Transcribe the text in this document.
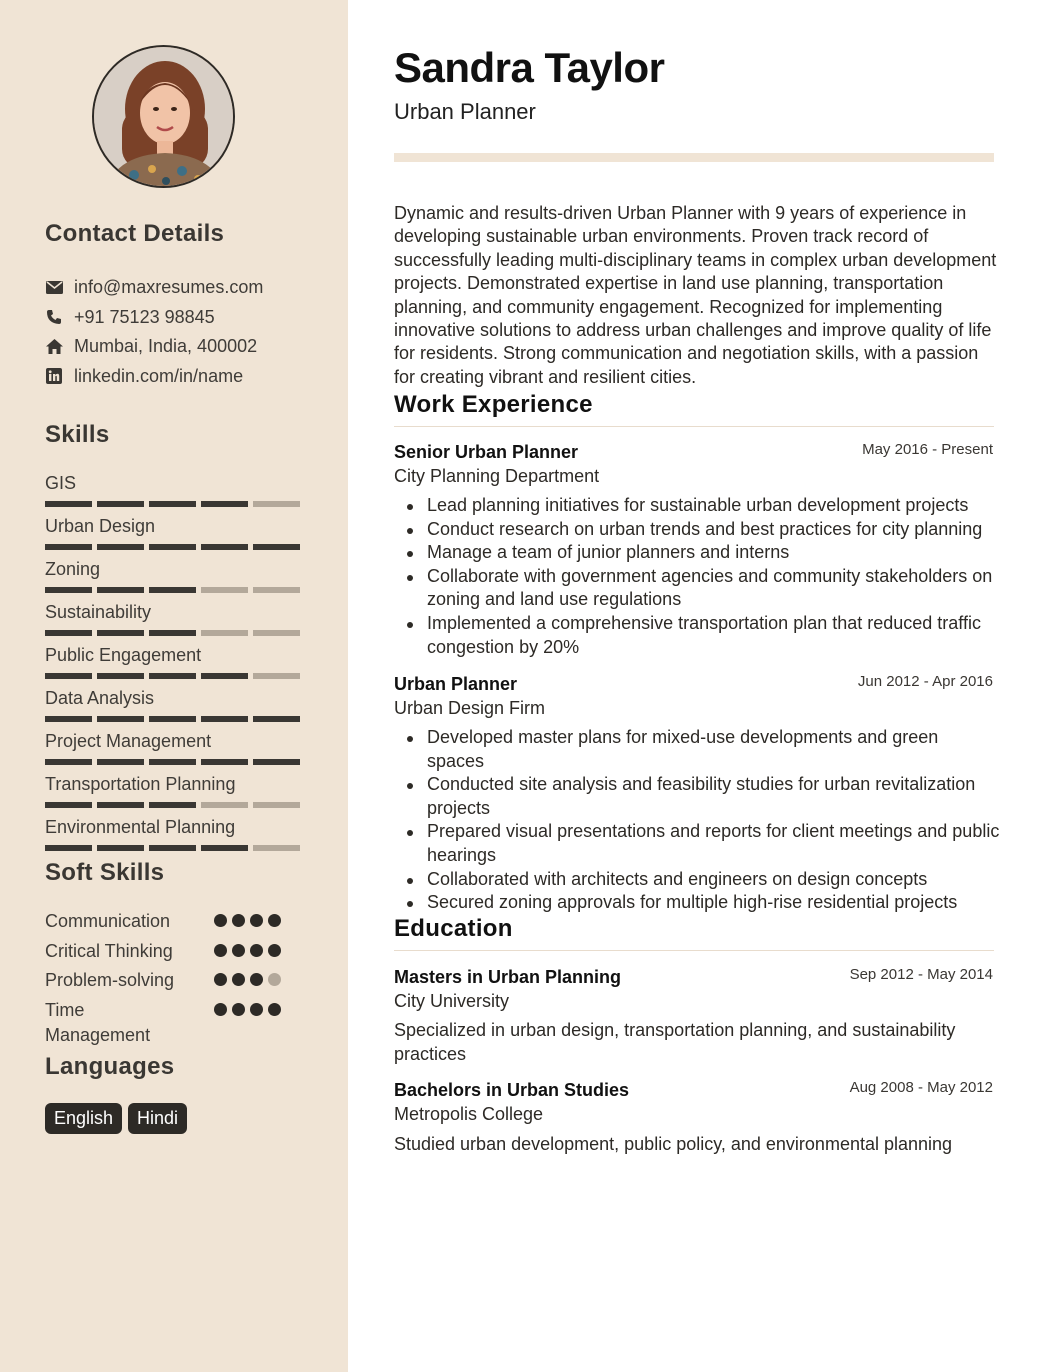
Contact Details
info@maxresumes.com
+91 75123 98845
Mumbai, India, 400002
linkedin.com/in/name
Skills
GIS
Urban Design
Zoning
Sustainability
Public Engagement
Data Analysis
Project Management
Transportation Planning
Environmental Planning
Soft Skills
Communication
Critical Thinking
Problem-solving
Time
Management
Languages
English	Hindi
Sandra Taylor
Urban Planner
Dynamic and results-driven Urban Planner with 9 years of experience in developing sustainable urban environments. Proven track record of successfully leading multi-disciplinary teams in complex urban development projects. Demonstrated expertise in land use planning, transportation planning, and community engagement. Recognized for implementing innovative solutions to address urban challenges and improve quality of life for residents. Strong communication and negotiation skills, with a passion for creating vibrant and resilient cities.
Work Experience
Senior Urban Planner	May 2016 - Present
City Planning Department
Lead planning initiatives for sustainable urban development projects
Conduct research on urban trends and best practices for city planning
Manage a team of junior planners and interns
Collaborate with government agencies and community stakeholders on zoning and land use regulations
Implemented a comprehensive transportation plan that reduced traffic congestion by 20%
Urban Planner	Jun 2012 - Apr 2016
Urban Design Firm
Developed master plans for mixed-use developments and green spaces
Conducted site analysis and feasibility studies for urban revitalization projects
Prepared visual presentations and reports for client meetings and public hearings
Collaborated with architects and engineers on design concepts
Secured zoning approvals for multiple high-rise residential projects
Education
Masters in Urban Planning	Sep 2012 - May 2014
City University
Specialized in urban design, transportation planning, and sustainability practices
Bachelors in Urban Studies	Aug 2008 - May 2012
Metropolis College
Studied urban development, public policy, and environmental planning
